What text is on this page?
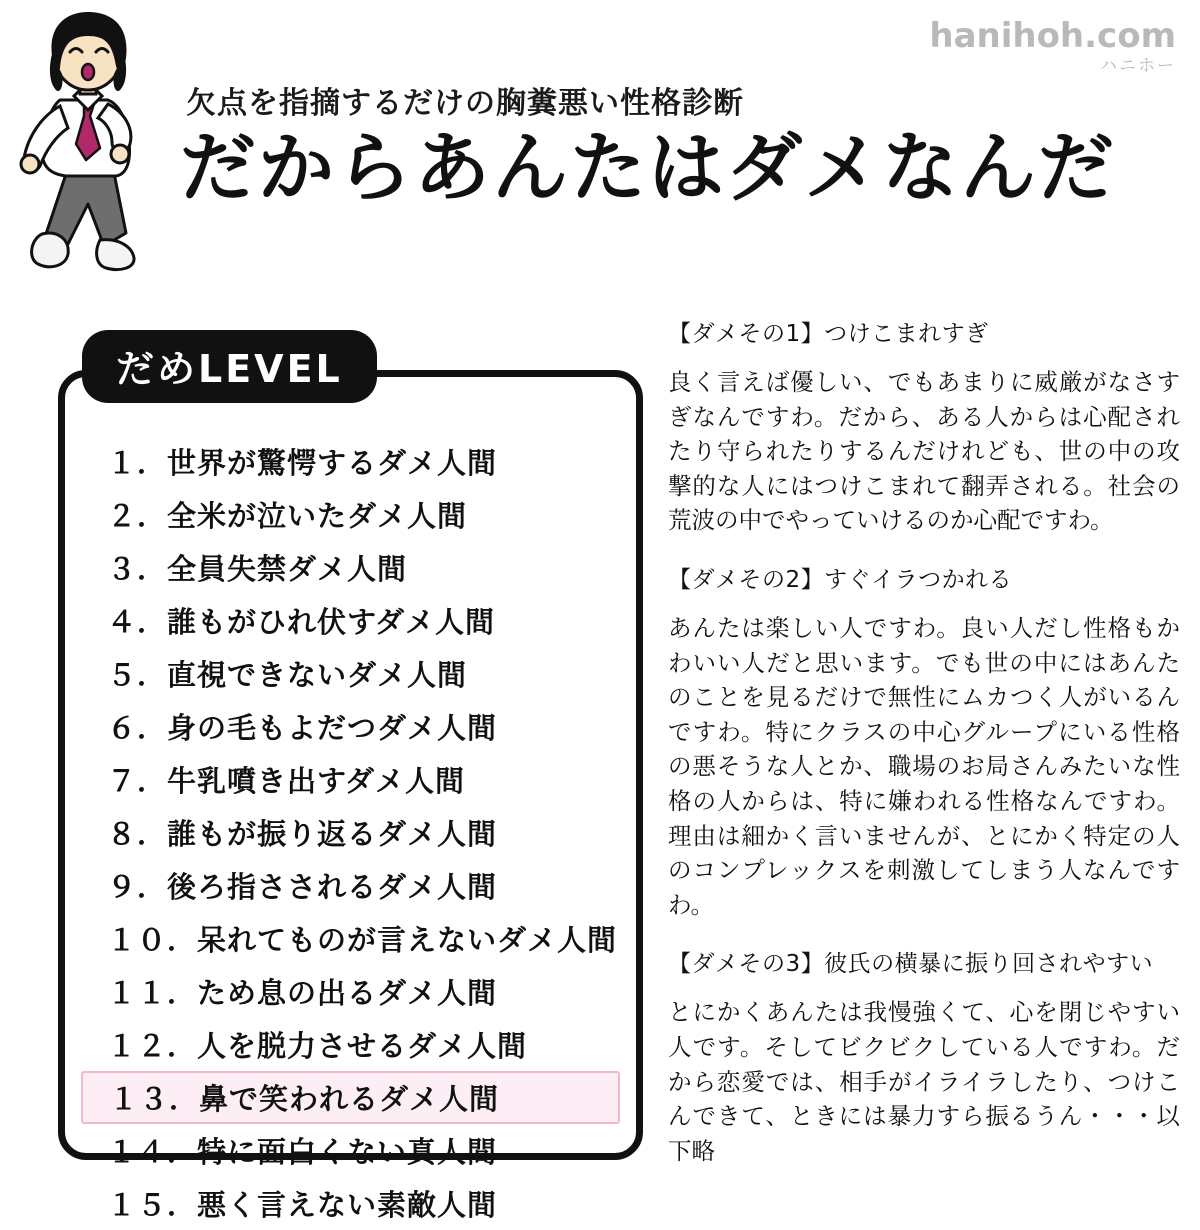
hanihoh.com
ハニホー
欠点を指摘するだけの胸糞悪い性格診断
だからあんたはダメなんだ
だめLEVEL
１．世界が驚愕するダメ人間
２．全米が泣いたダメ人間
３．全員失禁ダメ人間
４．誰もがひれ伏すダメ人間
５．直視できないダメ人間
６．身の毛もよだつダメ人間
７．牛乳噴き出すダメ人間
８．誰もが振り返るダメ人間
９．後ろ指さされるダメ人間
１０．呆れてものが言えないダメ人間
１１．ため息の出るダメ人間
１２．人を脱力させるダメ人間
１３．鼻で笑われるダメ人間
１４．特に面白くない真人間
１５．悪く言えない素敵人間

【ダメその1】つけこまれすぎ

良く言えば優しい、でもあまりに威厳がなさすぎなんですわ。だから、ある人からは心配されたり守られたりするんだけれども、世の中の攻撃的な人にはつけこまれて翻弄される。社会の荒波の中でやっていけるのか心配ですわ。

【ダメその2】すぐイラつかれる

あんたは楽しい人ですわ。良い人だし性格もかわいい人だと思います。でも世の中にはあんたのことを見るだけで無性にムカつく人がいるんですわ。特にクラスの中心グループにいる性格の悪そうな人とか、職場のお局さんみたいな性格の人からは、特に嫌われる性格なんですわ。理由は細かく言いませんが、とにかく特定の人のコンプレックスを刺激してしまう人なんですわ。

【ダメその3】彼氏の横暴に振り回されやすい

とにかくあんたは我慢強くて、心を閉じやすい人です。そしてビクビクしている人ですわ。だから恋愛では、相手がイライラしたり、つけこんできて、ときには暴力すら振るうん・・・以下略
